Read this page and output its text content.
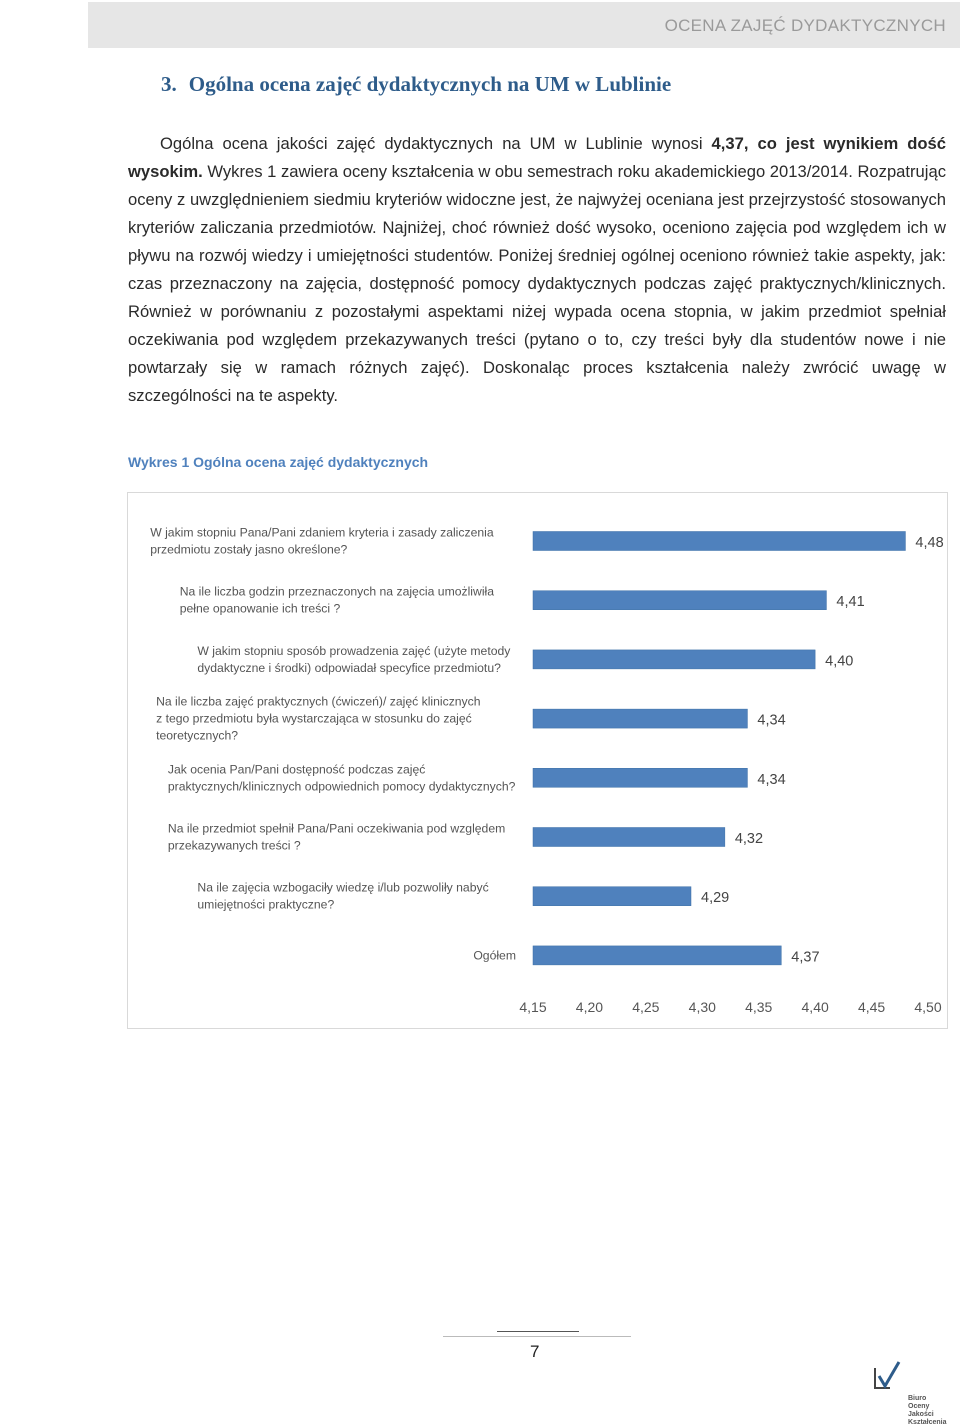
OCENA ZAJĘĆ DYDAKTYCZNYCH
3. Ogólna ocena zajęć dydaktycznych na UM w Lublinie
Ogólna ocena jakości zajęć dydaktycznych na UM w Lublinie wynosi 4,37, co jest wynikiem dość wysokim. Wykres 1 zawiera oceny kształcenia w obu semestrach roku akademickiego 2013/2014. Rozpatrując oceny z uwzględnieniem siedmiu kryteriów widoczne jest, że najwyżej oceniana jest przejrzystość stosowanych kryteriów zaliczania przedmiotów. Najniżej, choć również dość wysoko, oceniono zajęcia pod względem ich w pływu na rozwój wiedzy i umiejętności studentów. Poniżej średniej ogólnej oceniono również takie aspekty, jak: czas przeznaczony na zajęcia, dostępność pomocy dydaktycznych podczas zajęć praktycznych/klinicznych. Również w porównaniu z pozostałymi aspektami niżej wypada ocena stopnia, w jakim przedmiot spełniał oczekiwania pod względem przekazywanych treści (pytano o to, czy treści były dla studentów nowe i nie powtarzały się w ramach różnych zajęć). Doskonaląc proces kształcenia należy zwrócić uwagę w szczególności na te aspekty.
Wykres 1 Ogólna ocena zajęć dydaktycznych
4,48
W jakim stopniu Pana/Pani zdaniem kryteria i zasady zaliczenia przedmiotu zostały jasno określone?
4,41
Na ile liczba godzin przeznaczonych na zajęcia umożliwiła pełne opanowanie ich treści ?
4,40
W jakim stopniu sposób prowadzenia zajęć (użyte metody dydaktyczne i środki) odpowiadał specyfice przedmiotu?
4,34
Na ile liczba zajęć praktycznych (ćwiczeń)/ zajęć klinicznych z tego przedmiotu była wystarczająca w stosunku do zajęć teoretycznych?
4,34
Jak ocenia Pan/Pani dostępność podczas zajęć praktycznych/klinicznych odpowiednich pomocy dydaktycznych?
4,32
Na ile przedmiot spełnił Pana/Pani oczekiwania pod względem przekazywanych treści ?
4,29
Na ile zajęcia wzbogaciły wiedzę i/lub pozwoliły nabyć umiejętności praktyczne?
4,37
Ogółem
4,15 4,20 4,25 4,30 4,35 4,40 4,45 4,50
7
Biuro
Oceny
Jakości
Kształcenia
